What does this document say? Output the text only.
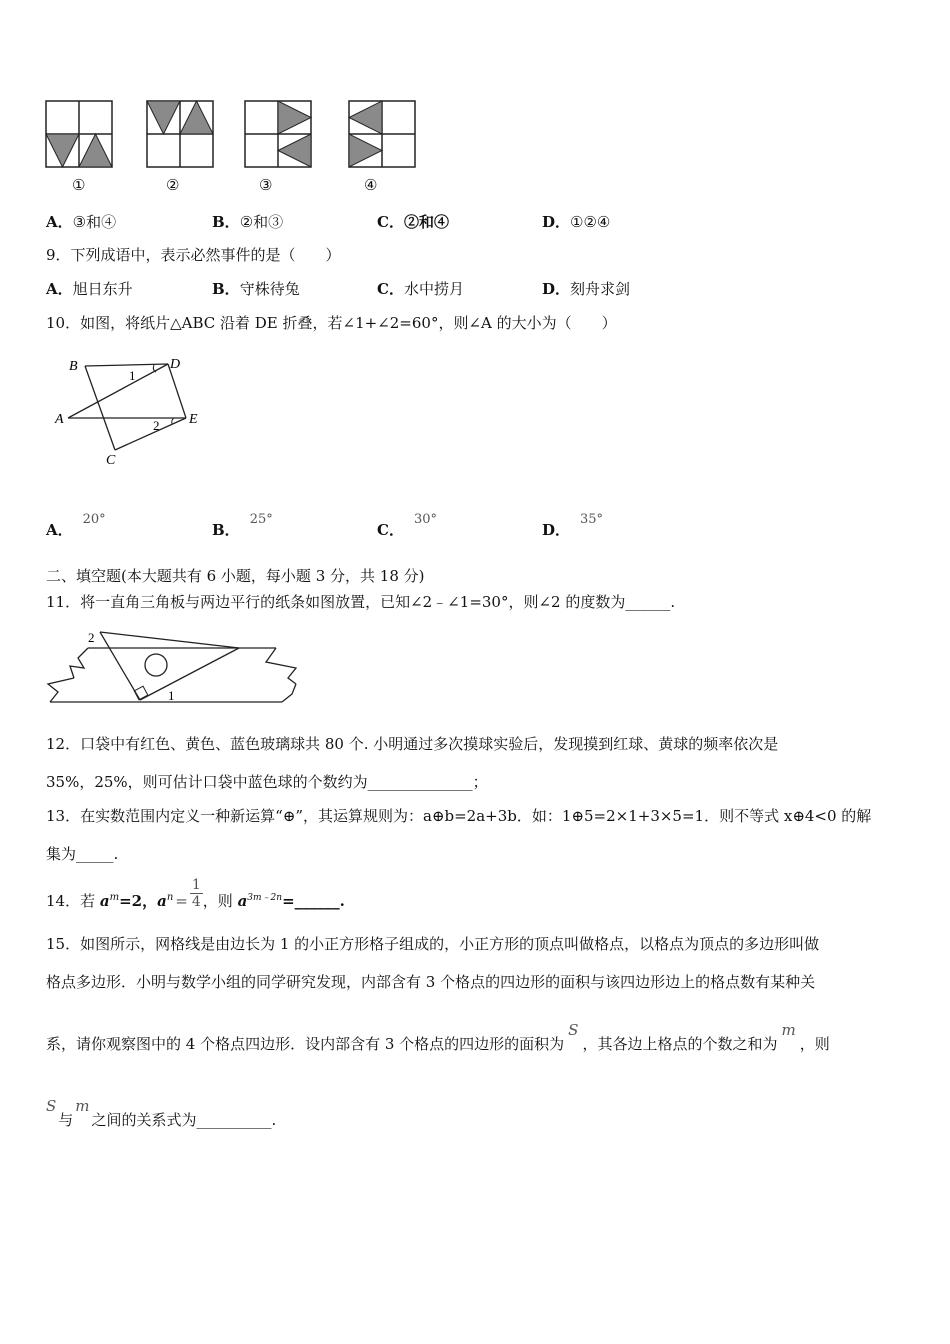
①	②	③	④
A．③和④	B．②和③	C．②和④	D．①②④
9．下列成语中，表示必然事件的是（　　）
A．旭日东升	B．守株待兔	C．水中捞月	D．刻舟求剑
10．如图，将纸片△ABC 沿着 DE 折叠，若∠1+∠2=60°，则∠A 的大小为（　　）
B	D
A	E
C
1
2
A．20°
B．25°
C．30°
D．35°
二、填空题(本大题共有 6 小题，每小题 3 分，共 18 分)
11．将一直角三角板与两边平行的纸条如图放置，已知∠2﹣∠1=30°，则∠2 的度数为______.
2
1
12．口袋中有红色、黄色、蓝色玻璃球共 80 个. 小明通过多次摸球实验后，发现摸到红球、黄球的频率依次是
35%，25%，则可估计口袋中蓝色球的个数约为______________；
13．在实数范围内定义一种新运算“⊕”，其运算规则为：a⊕b=2a+3b．如：1⊕5=2×1+3×5=1．则不等式 x⊕4<0 的解
集为_____.
14．若 $a^m=2$，$a^n = \frac{1}{4}$ ，则 $a^{3m﹣2n}=\_\_\_\_\_\_$.
15．如图所示，网格线是由边长为 1 的小正方形格子组成的，小正方形的顶点叫做格点，以格点为顶点的多边形叫做
格点多边形．小明与数学小组的同学研究发现，内部含有 3 个格点的四边形的面积与该四边形边上的格点数有某种关
系，请你观察图中的 4 个格点四边形．设内部含有 3 个格点的四边形的面积为S，其各边上格点的个数之和为m，则
S与m之间的关系式为__________.
